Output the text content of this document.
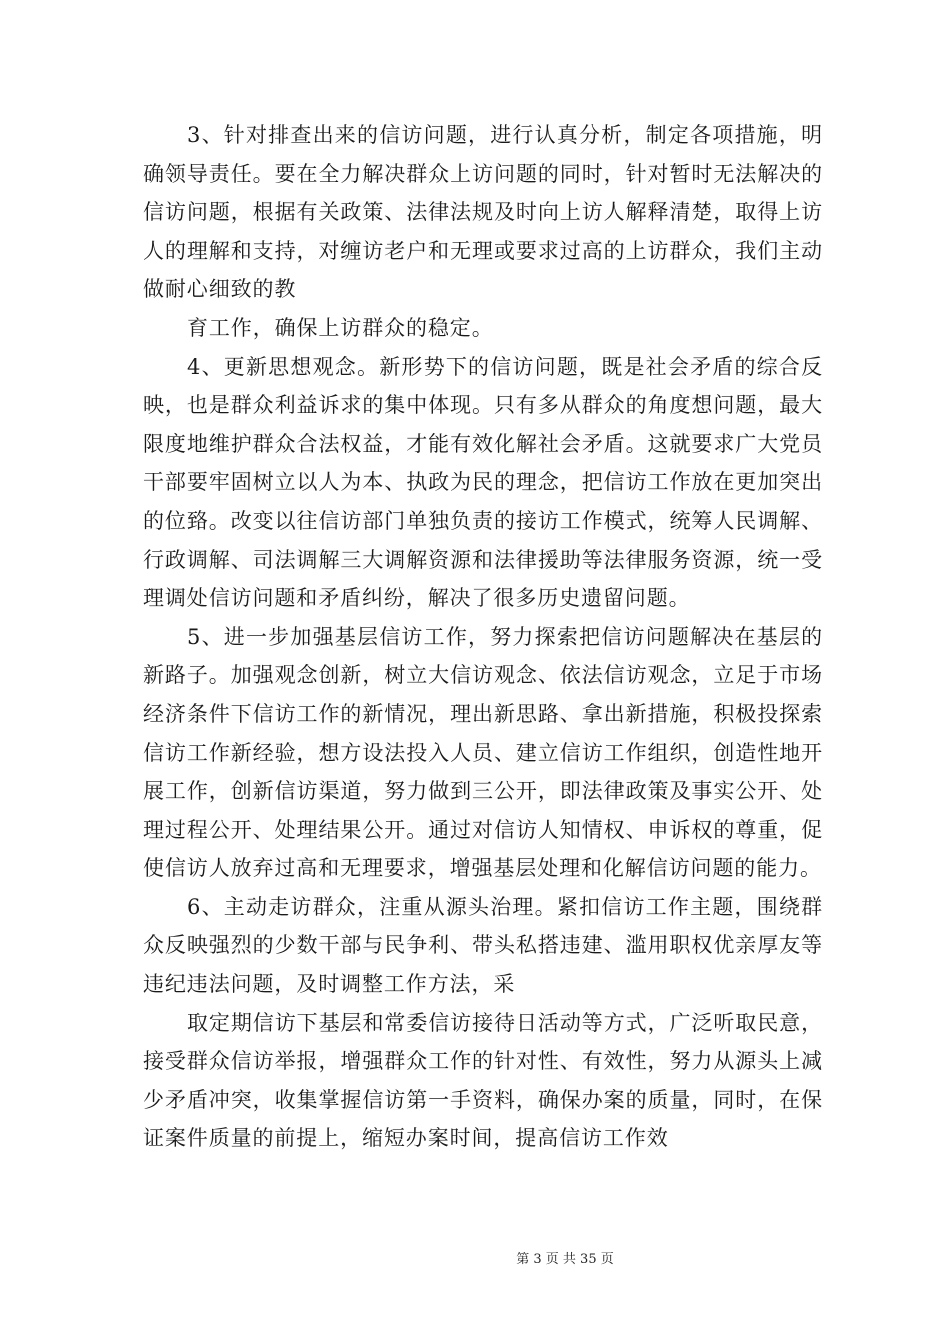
3、针对排查出来的信访问题，进行认真分析，制定各项措施，明确领导责任。要在全力解决群众上访问题的同时，针对暂时无法解决的信访问题，根据有关政策、法律法规及时向上访人解释清楚，取得上访人的理解和支持，对缠访老户和无理或要求过高的上访群众，我们主动做耐心细致的教

育工作，确保上访群众的稳定。

4、更新思想观念。新形势下的信访问题，既是社会矛盾的综合反映，也是群众利益诉求的集中体现。只有多从群众的角度想问题，最大限度地维护群众合法权益，才能有效化解社会矛盾。这就要求广大党员干部要牢固树立以人为本、执政为民的理念，把信访工作放在更加突出的位臵。改变以往信访部门单独负责的接访工作模式，统筹人民调解、行政调解、司法调解三大调解资源和法律援助等法律服务资源，统一受理调处信访问题和矛盾纠纷，解决了很多历史遗留问题。

5、进一步加强基层信访工作，努力探索把信访问题解决在基层的新路子。加强观念创新，树立大信访观念、依法信访观念，立足于市场经济条件下信访工作的新情况，理出新思路、拿出新措施，积极投探索信访工作新经验，想方设法投入人员、建立信访工作组织，创造性地开展工作，创新信访渠道，努力做到三公开，即法律政策及事实公开、处理过程公开、处理结果公开。通过对信访人知情权、申诉权的尊重，促使信访人放弃过高和无理要求，增强基层处理和化解信访问题的能力。

6、主动走访群众，注重从源头治理。紧扣信访工作主题，围绕群众反映强烈的少数干部与民争利、带头私搭违建、滥用职权优亲厚友等违纪违法问题，及时调整工作方法，采

取定期信访下基层和常委信访接待日活动等方式，广泛听取民意，接受群众信访举报，增强群众工作的针对性、有效性，努力从源头上减少矛盾冲突，收集掌握信访第一手资料，确保办案的质量，同时，在保证案件质量的前提上，缩短办案时间，提高信访工作效

第 3 页 共 35 页
